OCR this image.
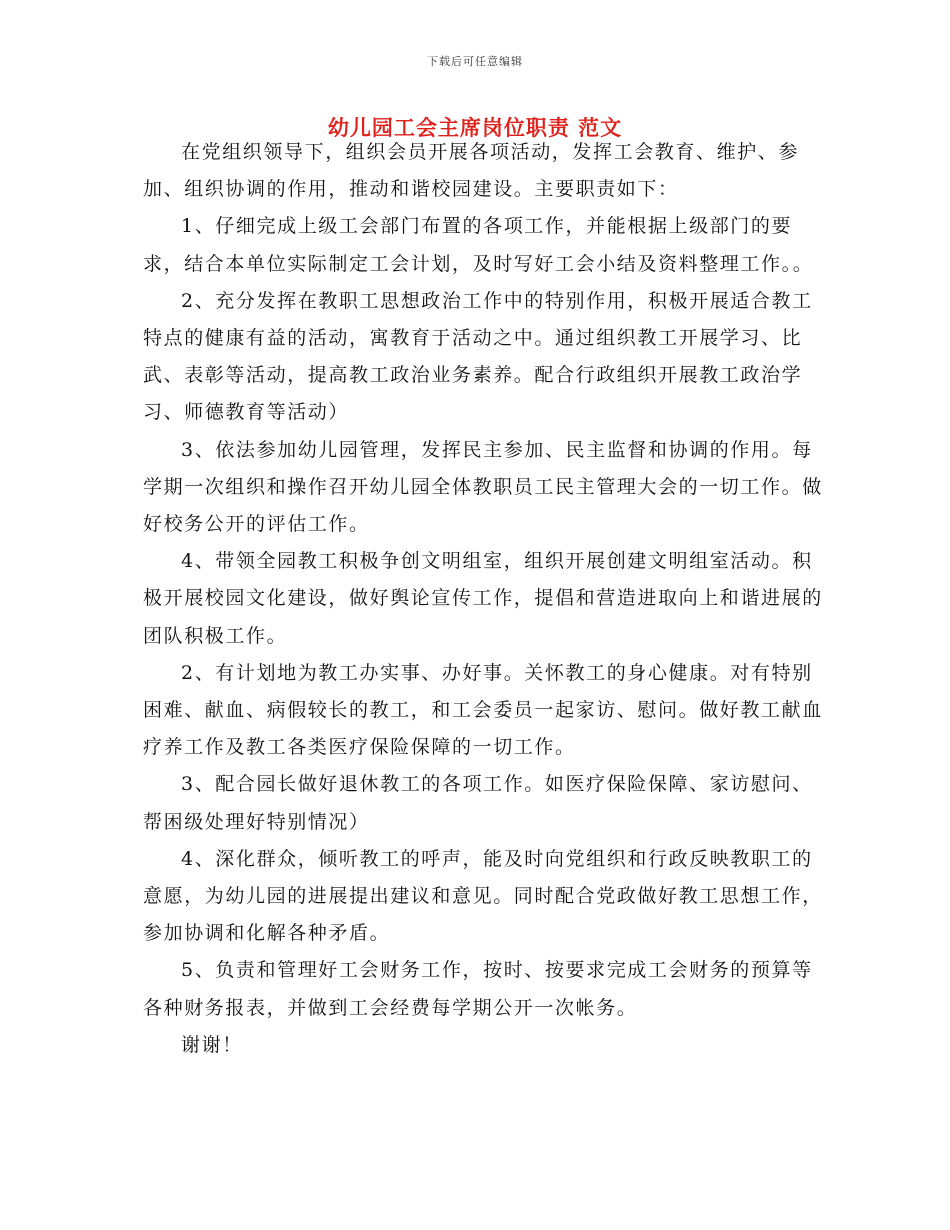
下载后可任意编辑
幼儿园工会主席岗位职责 范文

在党组织领导下，组织会员开展各项活动，发挥工会教育、维护、参加、组织协调的作用，推动和谐校园建设。主要职责如下：

1、仔细完成上级工会部门布置的各项工作，并能根据上级部门的要求，结合本单位实际制定工会计划，及时写好工会小结及资料整理工作。。

2、充分发挥在教职工思想政治工作中的特别作用，积极开展适合教工特点的健康有益的活动，寓教育于活动之中。通过组织教工开展学习、比武、表彰等活动，提高教工政治业务素养。配合行政组织开展教工政治学习、师德教育等活动）

3、依法参加幼儿园管理，发挥民主参加、民主监督和协调的作用。每学期一次组织和操作召开幼儿园全体教职员工民主管理大会的一切工作。做好校务公开的评估工作。

4、带领全园教工积极争创文明组室，组织开展创建文明组室活动。积极开展校园文化建设，做好舆论宣传工作，提倡和营造进取向上和谐进展的团队积极工作。

2、有计划地为教工办实事、办好事。关怀教工的身心健康。对有特别困难、献血、病假较长的教工，和工会委员一起家访、慰问。做好教工献血疗养工作及教工各类医疗保险保障的一切工作。

3、配合园长做好退休教工的各项工作。如医疗保险保障、家访慰问、帮困级处理好特别情况）

4、深化群众，倾听教工的呼声，能及时向党组织和行政反映教职工的意愿，为幼儿园的进展提出建议和意见。同时配合党政做好教工思想工作，参加协调和化解各种矛盾。

5、负责和管理好工会财务工作，按时、按要求完成工会财务的预算等各种财务报表，并做到工会经费每学期公开一次帐务。

谢谢！
